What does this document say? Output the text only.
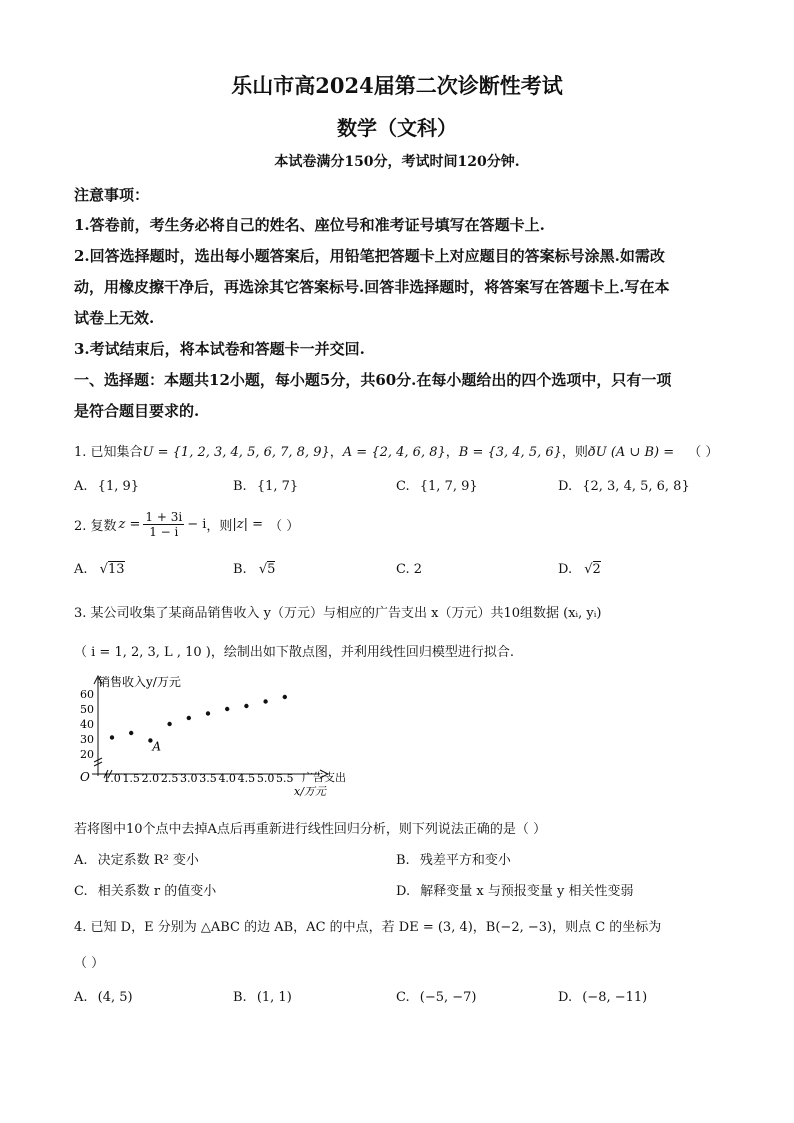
乐山市高2024届第二次诊断性考试
数学（文科）
本试卷满分150分，考试时间120分钟.
注意事项：
1.答卷前，考生务必将自己的姓名、座位号和准考证号填写在答题卡上.
2.回答选择题时，选出每小题答案后，用铅笔把答题卡上对应题目的答案标号涂黑.如需改
动，用橡皮擦干净后，再选涂其它答案标号.回答非选择题时，将答案写在答题卡上.写在本
试卷上无效.
3.考试结束后，将本试卷和答题卡一并交回.
一、选择题：本题共12小题，每小题5分，共60分.在每小题给出的四个选项中，只有一项
是符合题目要求的.
1. 已知集合U = {1, 2, 3, 4, 5, 6, 7, 8, 9}，A = {2, 4, 6, 8}，B = {3, 4, 5, 6}，则ðU (A ∪ B) = （ ）
A. {1, 9}	B. {1, 7}	C. {1, 7, 9}	D. {2, 3, 4, 5, 6, 8}
2. 复数 $z = \frac{1 + 3i}{1 - i} - i$ ，则 |z| = （ ）
A. √13	B. √5	C. 2	D. √2
3. 某公司收集了某商品销售收入 y（万元）与相应的广告支出 x（万元）共10组数据 (xᵢ, yᵢ)
（ i = 1, 2, 3, L , 10 )，绘制出如下散点图，并利用线性回归模型进行拟合.
20
30
40
50
60
1.0 1.5 2.0 2.5 3.0 3.5 4.0 4.5 5.0 5.5
A
销售收入y/万元
广告支出
x/万元
O
若将图中10个点中去掉A点后再重新进行线性回归分析，则下列说法正确的是（ ）
A. 决定系数 R² 变小	B. 残差平方和变小
C. 相关系数 r 的值变小	D. 解释变量 x 与预报变量 y 相关性变弱
4. 已知 D，E 分别为 △ABC 的边 AB，AC 的中点，若 DE = (3, 4)，B(−2, −3)，则点 C 的坐标为
（ ）
A. (4, 5)	B. (1, 1)	C. (−5, −7)	D. (−8, −11)
